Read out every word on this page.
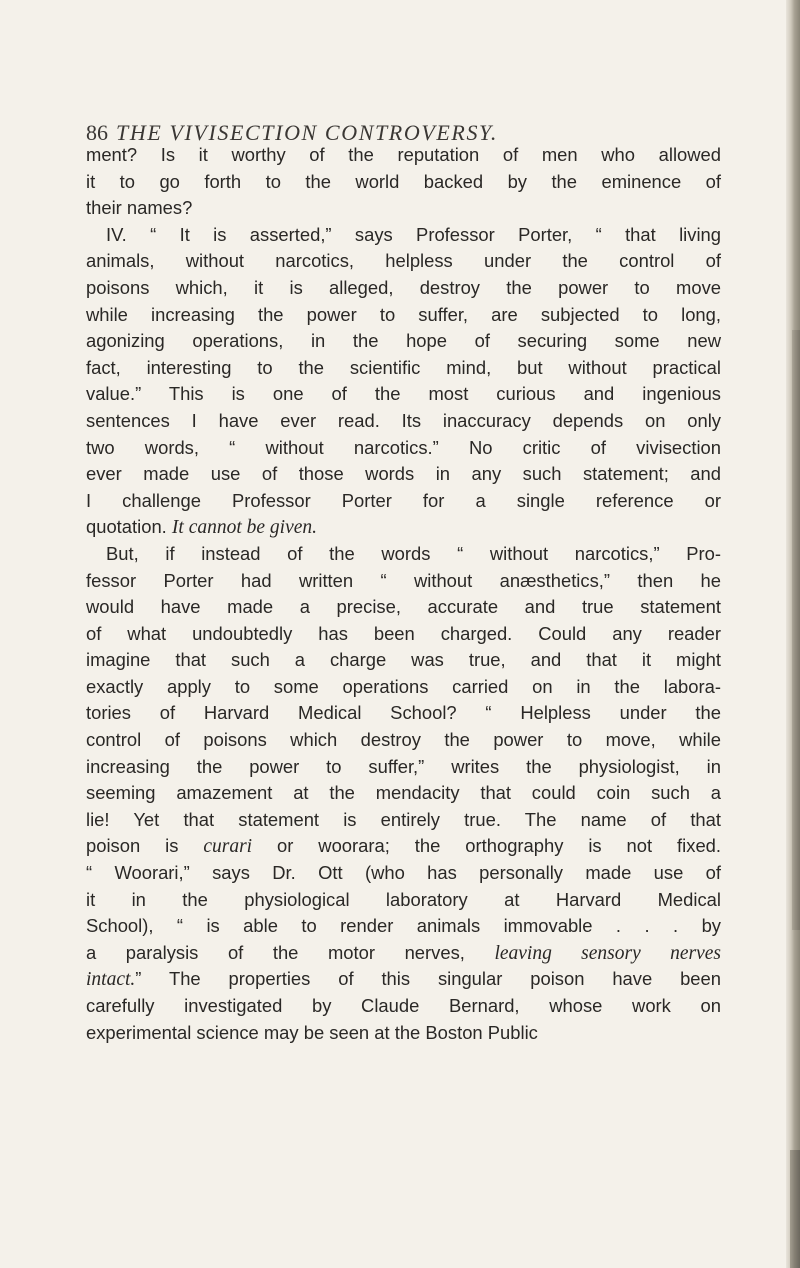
86 THE VIVISECTION CONTROVERSY.
ment? Is it worthy of the reputation of men who allowed
it to go forth to the world backed by the eminence of
their names?
IV. “ It is asserted,” says Professor Porter, “ that living
animals, without narcotics, helpless under the control of
poisons which, it is alleged, destroy the power to move
while increasing the power to suffer, are subjected to long,
agonizing operations, in the hope of securing some new
fact, interesting to the scientific mind, but without practical
value.” This is one of the most curious and ingenious
sentences I have ever read. Its inaccuracy depends on only
two words, “ without narcotics.” No critic of vivisection
ever made use of those words in any such statement; and
I challenge Professor Porter for a single reference or
quotation. It cannot be given.
But, if instead of the words “ without narcotics,” Pro-
fessor Porter had written “ without anæsthetics,” then he
would have made a precise, accurate and true statement
of what undoubtedly has been charged. Could any reader
imagine that such a charge was true, and that it might
exactly apply to some operations carried on in the labora-
tories of Harvard Medical School? “ Helpless under the
control of poisons which destroy the power to move, while
increasing the power to suffer,” writes the physiologist, in
seeming amazement at the mendacity that could coin such a
lie! Yet that statement is entirely true. The name of that
poison is curari or woorara; the orthography is not fixed.
“ Woorari,” says Dr. Ott (who has personally made use of
it in the physiological laboratory at Harvard Medical
School), “ is able to render animals immovable . . . by
a paralysis of the motor nerves, leaving sensory nerves
intact.” The properties of this singular poison have been
carefully investigated by Claude Bernard, whose work on
experimental science may be seen at the Boston Public
